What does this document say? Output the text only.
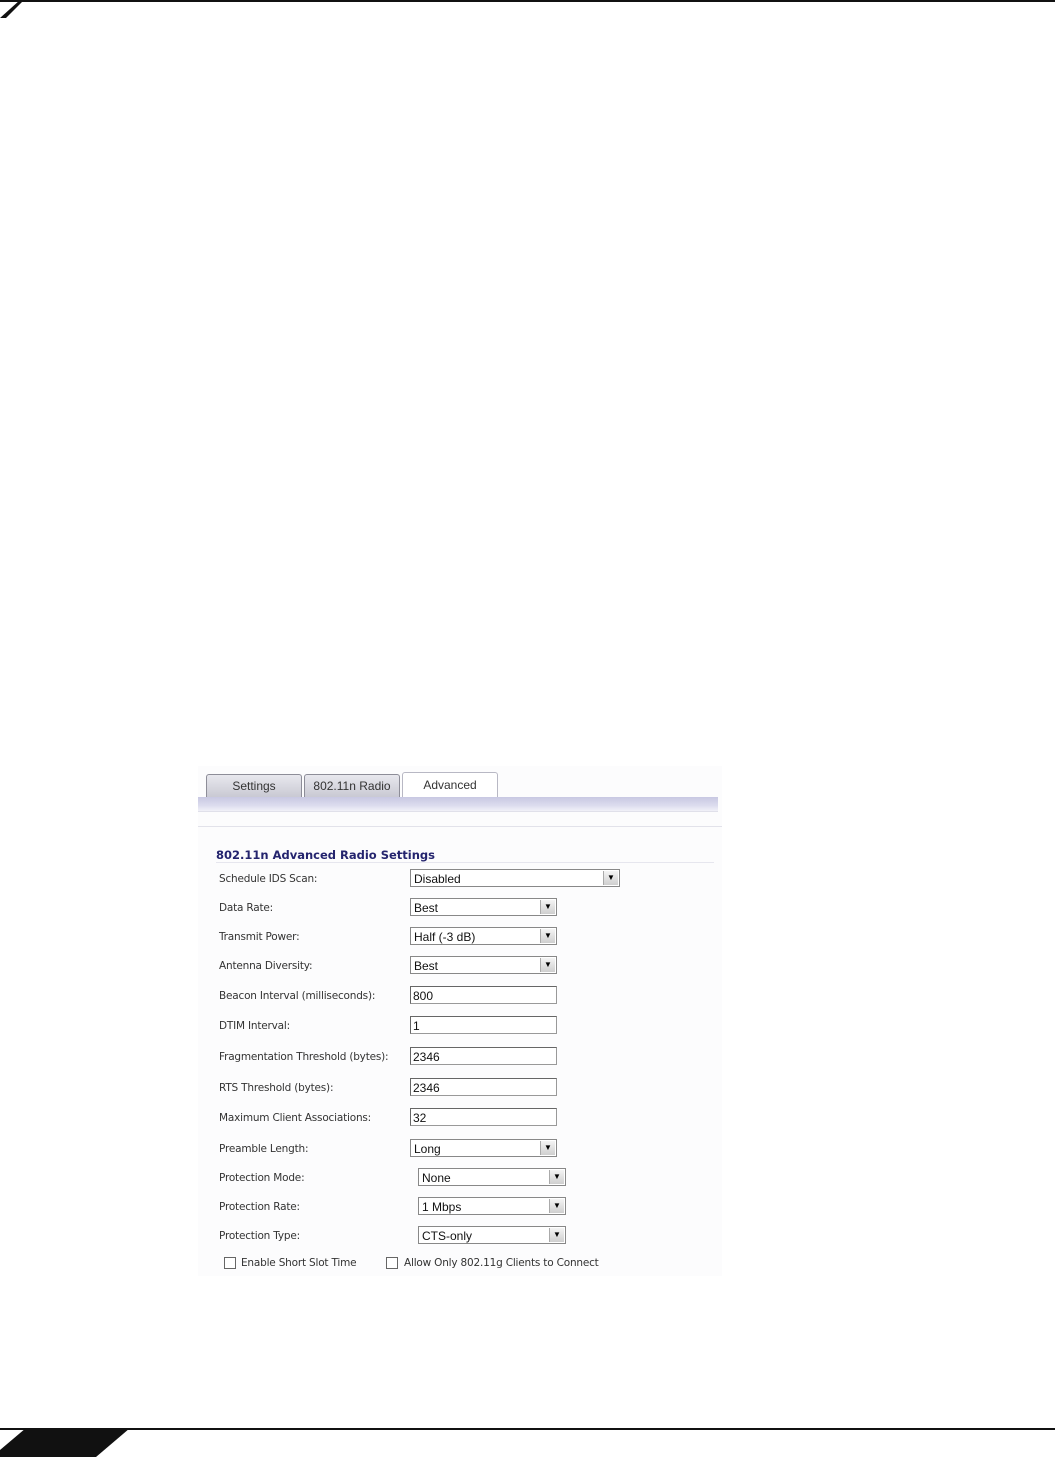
Settings	802.11n Radio	Advanced
802.11n Advanced Radio Settings
Schedule IDS Scan:	Disabled	▼
Data Rate:	Best	▼
Transmit Power:	Half (-3 dB)	▼
Antenna Diversity:	Best	▼
Beacon Interval (milliseconds):	800
DTIM Interval:	1
Fragmentation Threshold (bytes): 2346
RTS Threshold (bytes):	2346
Maximum Client Associations:	32
Preamble Length:	Long	▼
Protection Mode:	None	▼
Protection Rate:	1 Mbps	▼
Protection Type:	CTS-only	▼
Enable Short Slot Time	Allow Only 802.11g Clients to Connect
